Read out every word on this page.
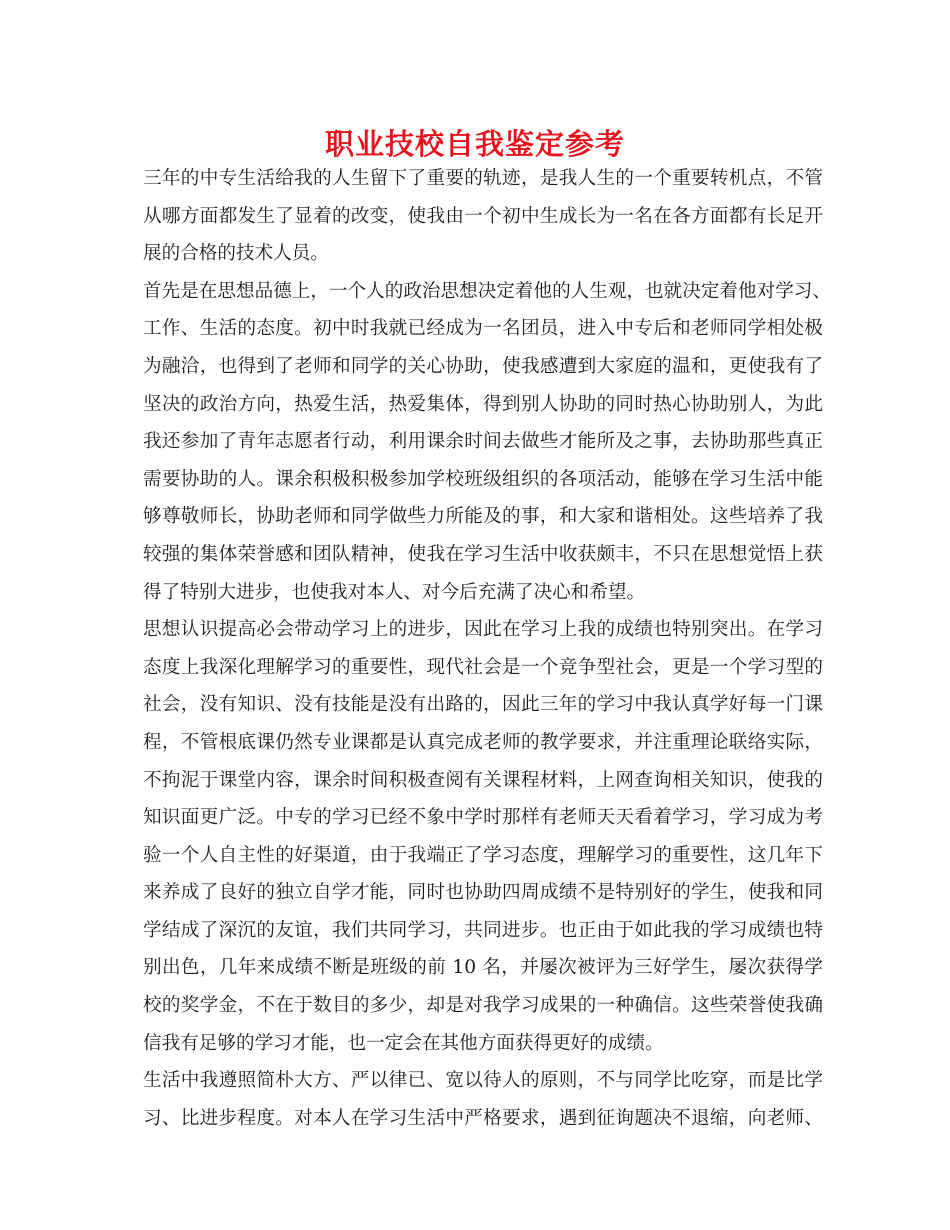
职业技校自我鉴定参考
三年的中专生活给我的人生留下了重要的轨迹，是我人生的一个重要转机点，不管
从哪方面都发生了显着的改变，使我由一个初中生成长为一名在各方面都有长足开
展的合格的技术人员。
首先是在思想品德上，一个人的政治思想决定着他的人生观，也就决定着他对学习、
工作、生活的态度。初中时我就已经成为一名团员，进入中专后和老师同学相处极
为融洽，也得到了老师和同学的关心协助，使我感遭到大家庭的温和，更使我有了
坚决的政治方向，热爱生活，热爱集体，得到别人协助的同时热心协助别人，为此
我还参加了青年志愿者行动，利用课余时间去做些才能所及之事，去协助那些真正
需要协助的人。课余积极积极参加学校班级组织的各项活动，能够在学习生活中能
够尊敬师长，协助老师和同学做些力所能及的事，和大家和谐相处。这些培养了我
较强的集体荣誉感和团队精神，使我在学习生活中收获颇丰，不只在思想觉悟上获
得了特别大进步，也使我对本人、对今后充满了决心和希望。
思想认识提高必会带动学习上的进步，因此在学习上我的成绩也特别突出。在学习
态度上我深化理解学习的重要性，现代社会是一个竞争型社会，更是一个学习型的
社会，没有知识、没有技能是没有出路的，因此三年的学习中我认真学好每一门课
程，不管根底课仍然专业课都是认真完成老师的教学要求，并注重理论联络实际，
不拘泥于课堂内容，课余时间积极查阅有关课程材料，上网查询相关知识，使我的
知识面更广泛。中专的学习已经不象中学时那样有老师天天看着学习，学习成为考
验一个人自主性的好渠道，由于我端正了学习态度，理解学习的重要性，这几年下
来养成了良好的独立自学才能，同时也协助四周成绩不是特别好的学生，使我和同
学结成了深沉的友谊，我们共同学习，共同进步。也正由于如此我的学习成绩也特
别出色，几年来成绩不断是班级的前 10 名，并屡次被评为三好学生，屡次获得学
校的奖学金，不在于数目的多少，却是对我学习成果的一种确信。这些荣誉使我确
信我有足够的学习才能，也一定会在其他方面获得更好的成绩。
生活中我遵照简朴大方、严以律已、宽以待人的原则，不与同学比吃穿，而是比学
习、比进步程度。对本人在学习生活中严格要求，遇到征询题决不退缩，向老师、
